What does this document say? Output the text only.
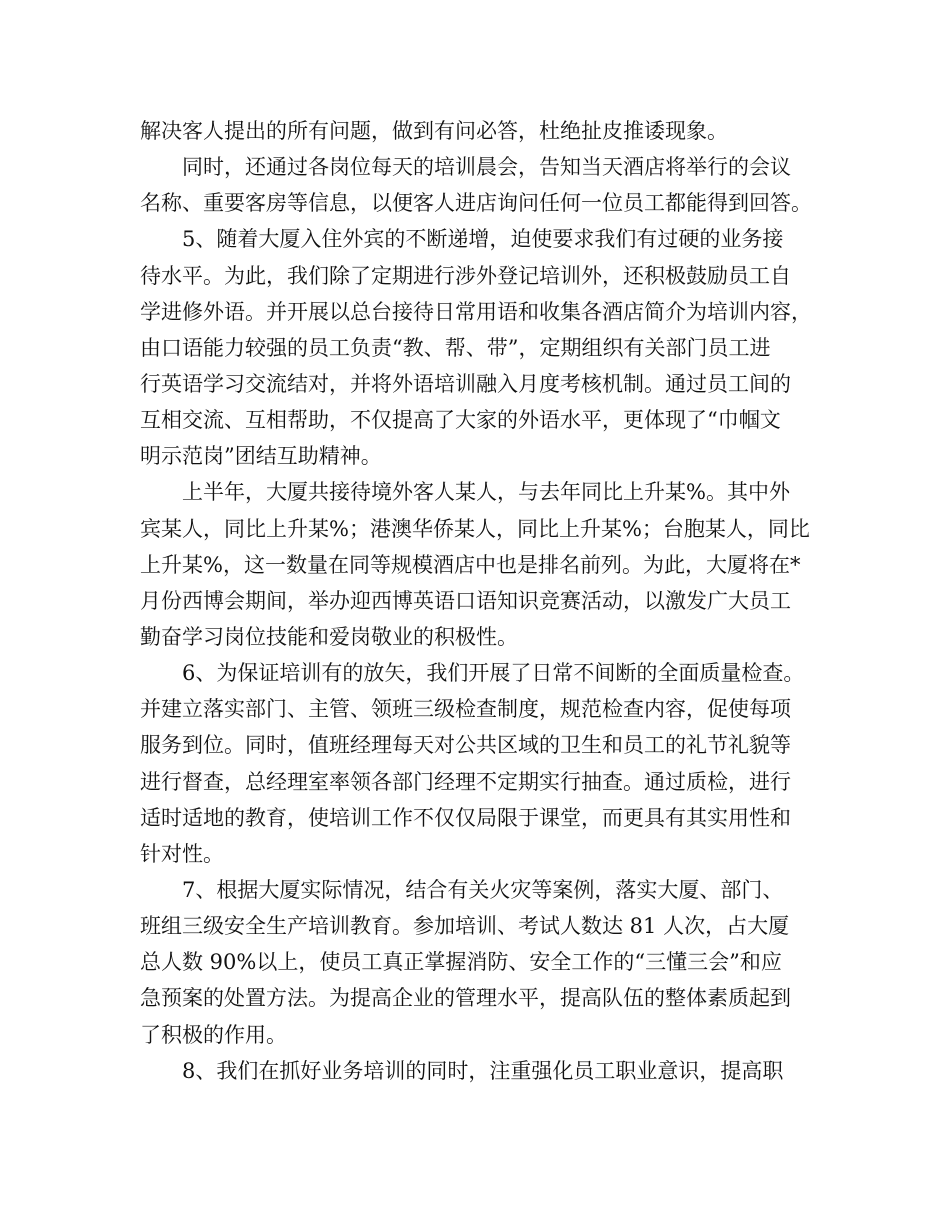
解决客人提出的所有问题，做到有问必答，杜绝扯皮推诿现象。
同时，还通过各岗位每天的培训晨会，告知当天酒店将举行的会议
名称、重要客房等信息，以便客人进店询问任何一位员工都能得到回答。
5、随着大厦入住外宾的不断递增，迫使要求我们有过硬的业务接
待水平。为此，我们除了定期进行涉外登记培训外，还积极鼓励员工自
学进修外语。并开展以总台接待日常用语和收集各酒店简介为培训内容，
由口语能力较强的员工负责“教、帮、带”，定期组织有关部门员工进
行英语学习交流结对，并将外语培训融入月度考核机制。通过员工间的
互相交流、互相帮助，不仅提高了大家的外语水平，更体现了“巾帼文
明示范岗”团结互助精神。
上半年，大厦共接待境外客人某人，与去年同比上升某%。其中外
宾某人，同比上升某%；港澳华侨某人，同比上升某%；台胞某人，同比
上升某%，这一数量在同等规模酒店中也是排名前列。为此，大厦将在*
月份西博会期间，举办迎西博英语口语知识竞赛活动，以激发广大员工
勤奋学习岗位技能和爱岗敬业的积极性。
6、为保证培训有的放矢，我们开展了日常不间断的全面质量检查。
并建立落实部门、主管、领班三级检查制度，规范检查内容，促使每项
服务到位。同时，值班经理每天对公共区域的卫生和员工的礼节礼貌等
进行督查，总经理室率领各部门经理不定期实行抽查。通过质检，进行
适时适地的教育，使培训工作不仅仅局限于课堂，而更具有其实用性和
针对性。
7、根据大厦实际情况，结合有关火灾等案例，落实大厦、部门、
班组三级安全生产培训教育。参加培训、考试人数达 81 人次，占大厦
总人数 90%以上，使员工真正掌握消防、安全工作的“三懂三会”和应
急预案的处置方法。为提高企业的管理水平，提高队伍的整体素质起到
了积极的作用。
8、我们在抓好业务培训的同时，注重强化员工职业意识，提高职
